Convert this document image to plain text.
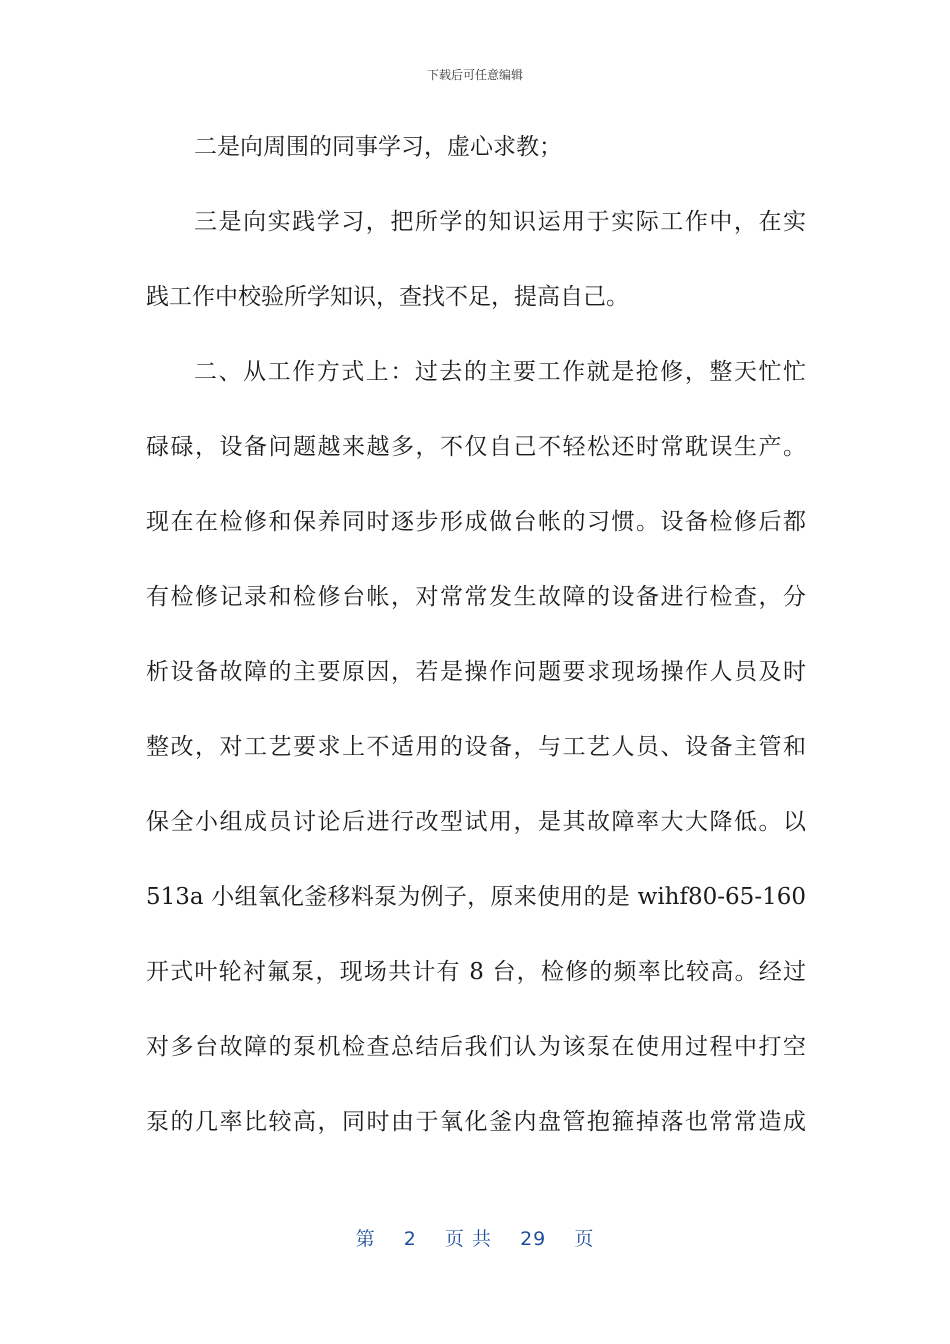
下载后可任意编辑
二是向周围的同事学习，虚心求教；
三是向实践学习，把所学的知识运用于实际工作中，在实
践工作中校验所学知识，查找不足，提高自己。
二、从工作方式上：过去的主要工作就是抢修，整天忙忙
碌碌，设备问题越来越多，不仅自己不轻松还时常耽误生产。
现在在检修和保养同时逐步形成做台帐的习惯。设备检修后都
有检修记录和检修台帐，对常常发生故障的设备进行检查，分
析设备故障的主要原因，若是操作问题要求现场操作人员及时
整改，对工艺要求上不适用的设备，与工艺人员、设备主管和
保全小组成员讨论后进行改型试用，是其故障率大大降低。以
513a 小组氧化釜移料泵为例子，原来使用的是 wihf80-65-160
开式叶轮衬氟泵，现场共计有 8 台，检修的频率比较高。经过
对多台故障的泵机检查总结后我们认为该泵在使用过程中打空
泵的几率比较高，同时由于氧化釜内盘管抱箍掉落也常常造成
第 2 页 共 29 页
